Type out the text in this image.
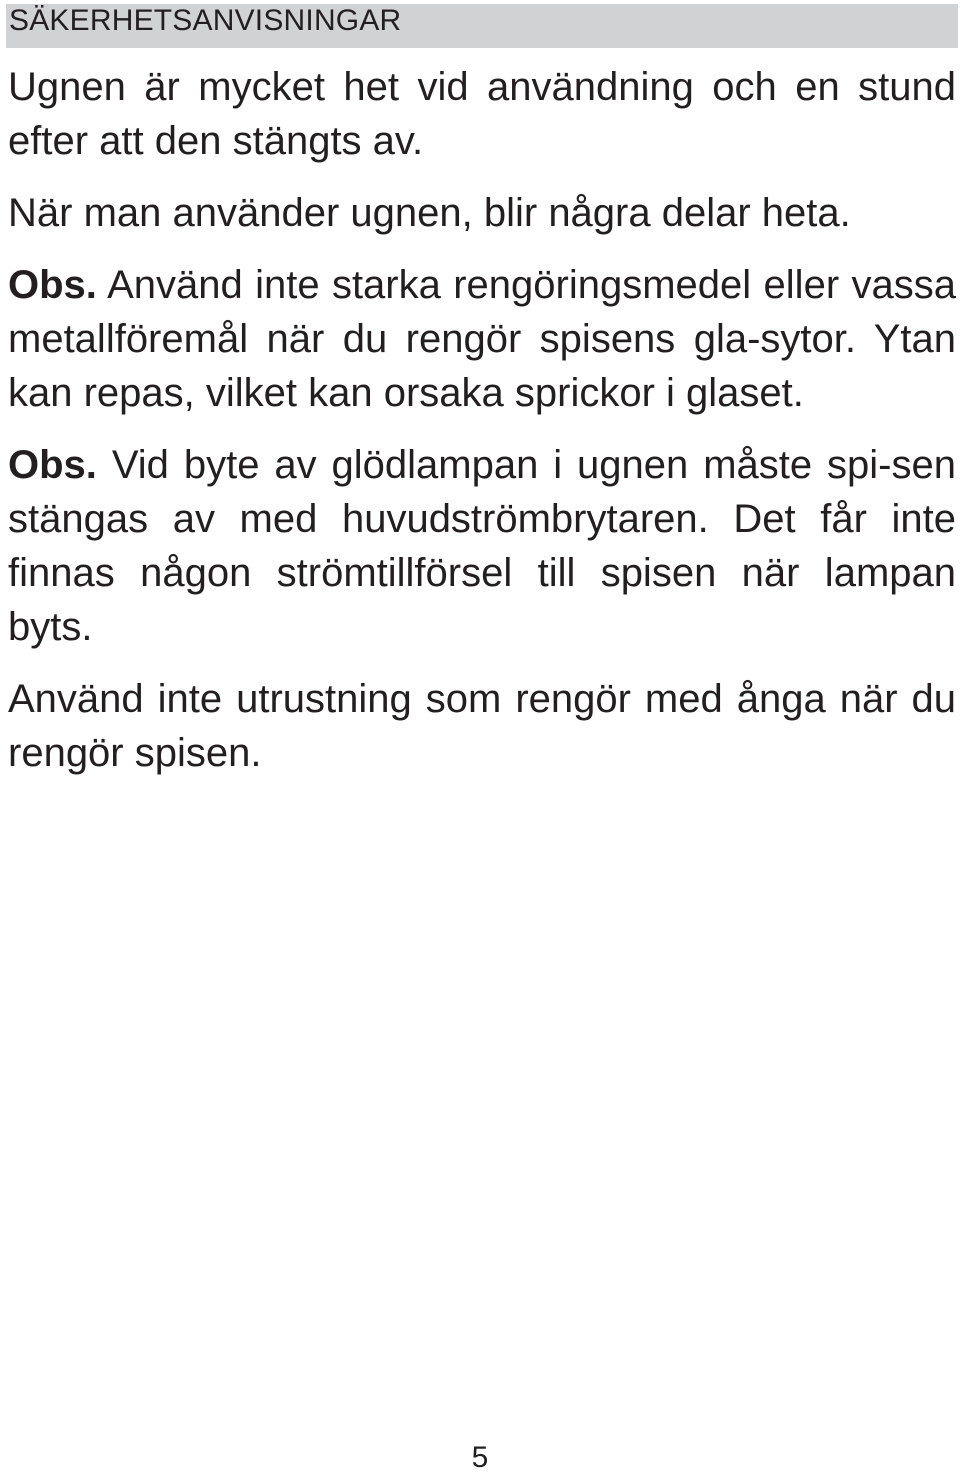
SÄKERHETSANVISNINGAR

Ugnen är mycket het vid användning och en stund efter att den stängts av.

När man använder ugnen, blir några delar heta.

Obs. Använd inte starka rengöringsmedel eller vassa metallföremål när du rengör spisens gla-sytor. Ytan kan repas, vilket kan orsaka sprickor i glaset.

Obs. Vid byte av glödlampan i ugnen måste spi-sen stängas av med huvudströmbrytaren. Det får inte finnas någon strömtillförsel till spisen när lampan byts.

Använd inte utrustning som rengör med ånga när du rengör spisen.

5
